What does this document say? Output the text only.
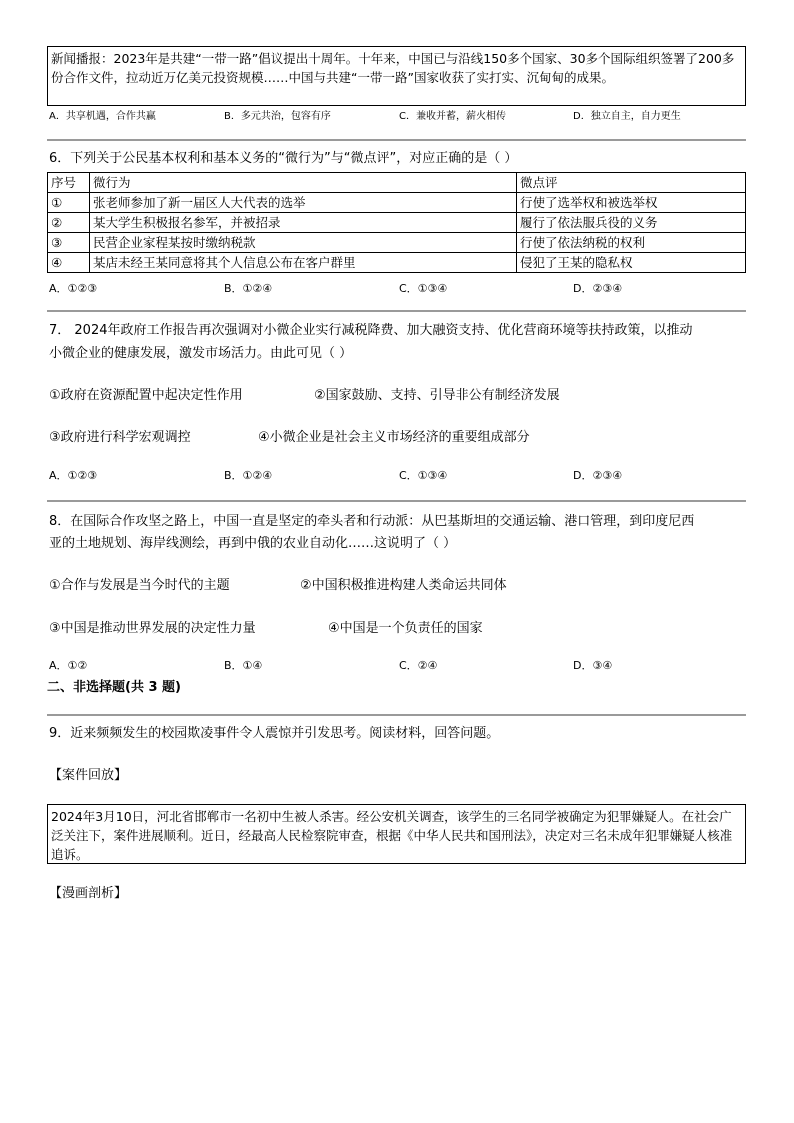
新闻播报：2023年是共建“一带一路”倡议提出十周年。十年来，中国已与沿线150多个国家、30多个国际组织签署了200多份合作文件，拉动近万亿美元投资规模……中国与共建“一带一路”国家收获了实打实、沉甸甸的成果。
A．共享机遇，合作共赢	B．多元共治，包容有序	C．兼收并蓄，薪火相传	D．独立自主，自力更生
6．下列关于公民基本权利和基本义务的“微行为”与“微点评”，对应正确的是（ ）
序号	微行为	微点评
①	张老师参加了新一届区人大代表的选举	行使了选举权和被选举权
②	某大学生积极报名参军，并被招录	履行了依法服兵役的义务
③	民营企业家程某按时缴纳税款	行使了依法纳税的权利
④	某店未经王某同意将其个人信息公布在客户群里	侵犯了王某的隐私权
A．①②③	B．①②④	C．①③④	D．②③④
7． 2024年政府工作报告再次强调对小微企业实行减税降费、加大融资支持、优化营商环境等扶持政策，以推动
小微企业的健康发展，激发市场活力。由此可见（ ）
①政府在资源配置中起决定性作用	②国家鼓励、支持、引导非公有制经济发展
③政府进行科学宏观调控	④小微企业是社会主义市场经济的重要组成部分
A．①②③	B．①②④	C．①③④	D．②③④
8．在国际合作攻坚之路上，中国一直是坚定的牵头者和行动派：从巴基斯坦的交通运输、港口管理，到印度尼西
亚的土地规划、海岸线测绘，再到中俄的农业自动化……这说明了（ ）
①合作与发展是当今时代的主题	②中国积极推进构建人类命运共同体
③中国是推动世界发展的决定性力量	④中国是一个负责任的国家
A．①②	B．①④	C．②④	D．③④
二、非选择题(共 3 题)
9．近来频频发生的校园欺凌事件令人震惊并引发思考。阅读材料，回答问题。
【案件回放】
2024年3月10日，河北省邯郸市一名初中生被人杀害。经公安机关调查，该学生的三名同学被确定为犯罪嫌疑人。在社会广泛关注下，案件进展顺利。近日，经最高人民检察院审查，根据《中华人民共和国刑法》，决定对三名未成年犯罪嫌疑人核准追诉。
【漫画剖析】
